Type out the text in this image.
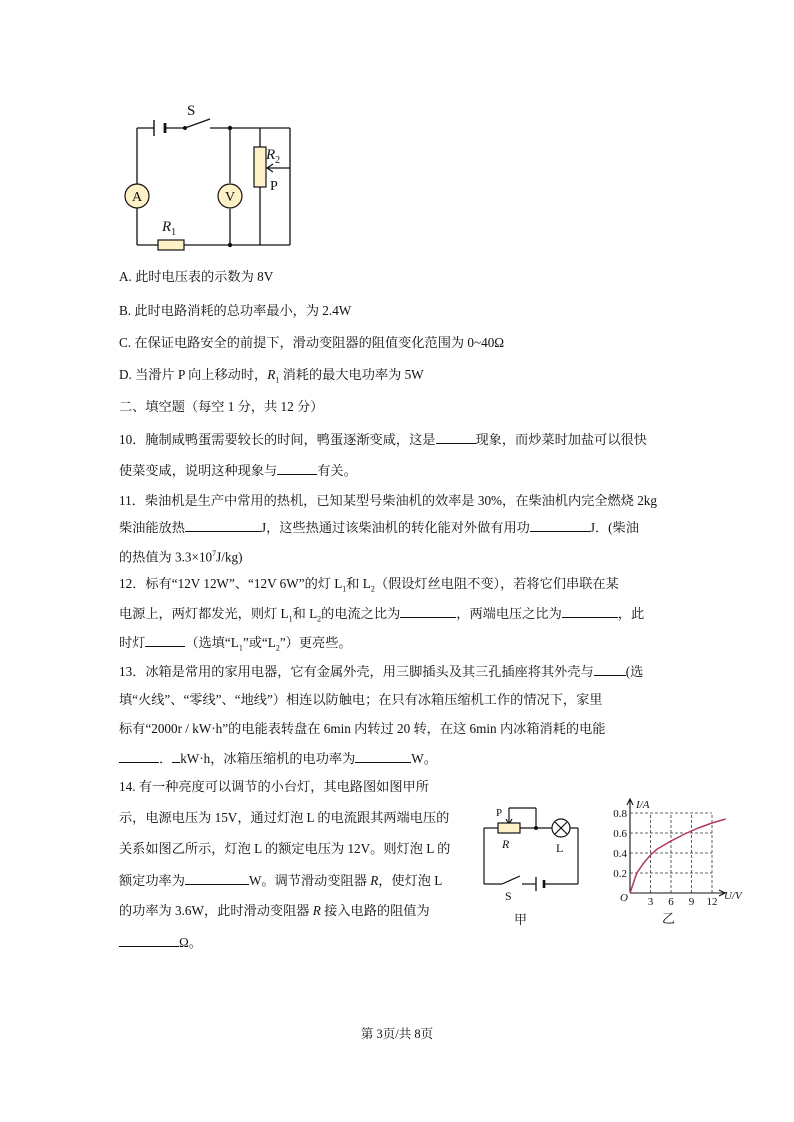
A	V
S
$R_2$
P
$R_1$
A. 此时电压表的示数为 8V
B. 此时电路消耗的总功率最小，为 2.4W
C. 在保证电路安全的前提下，滑动变阻器的阻值变化范围为 0~40Ω
D. 当滑片 P 向上移动时，$R_1$ 消耗的最大电功率为 5W
二、填空题（每空 1 分，共 12 分）
10．腌制咸鸭蛋需要较长的时间，鸭蛋逐渐变咸，这是	现象，而炒菜时加盐可以很快
使菜变咸，说明这种现象与	有关。
11．柴油机是生产中常用的热机，已知某型号柴油机的效率是 30%，在柴油机内完全燃烧 2kg
柴油能放热	J，这些热通过该柴油机的转化能对外做有用功	J．(柴油
的热值为 $3.3\times 10^7J/kg$)
12．标有“12V 12W”、“12V 6W”的灯 $L_1$和 $L_2$（假设灯丝电阻不变），若将它们串联在某
电源上，两灯都发光，则灯 $L_1$和 $L_2$的电流之比为	，两端电压之比为	，此
时灯	（选填“$L_1$”或“$L_2$”）更亮些。
13．冰箱是常用的家用电器，它有金属外壳，用三脚插头及其三孔插座将其外壳与 (选
填“火线”、“零线”、“地线”）相连以防触电；在只有冰箱压缩机工作的情况下，家里
标有“2000r / kW·h”的电能表转盘在 6min 内转过 20 转，在这 6min 内冰箱消耗的电能
． kW·h，冰箱压缩机的电功率为	W。
14. 有一种亮度可以调节的小台灯，其电路图如图甲所
示，电源电压为 15V，通过灯泡 L 的电流跟其两端电压的
关系如图乙所示，灯泡 L 的额定电压为 12V。则灯泡 L 的
额定功率为	W。调节滑动变阻器 R，使灯泡 L
的功率为 3.6W，此时滑动变阻器 R 接入电路的阻值为
Ω。
P
R	L
S
甲
3 6 9 12
0.2
0.4
0.6
0.8
I/A
U/V
O
乙
第 3页/共 8页
